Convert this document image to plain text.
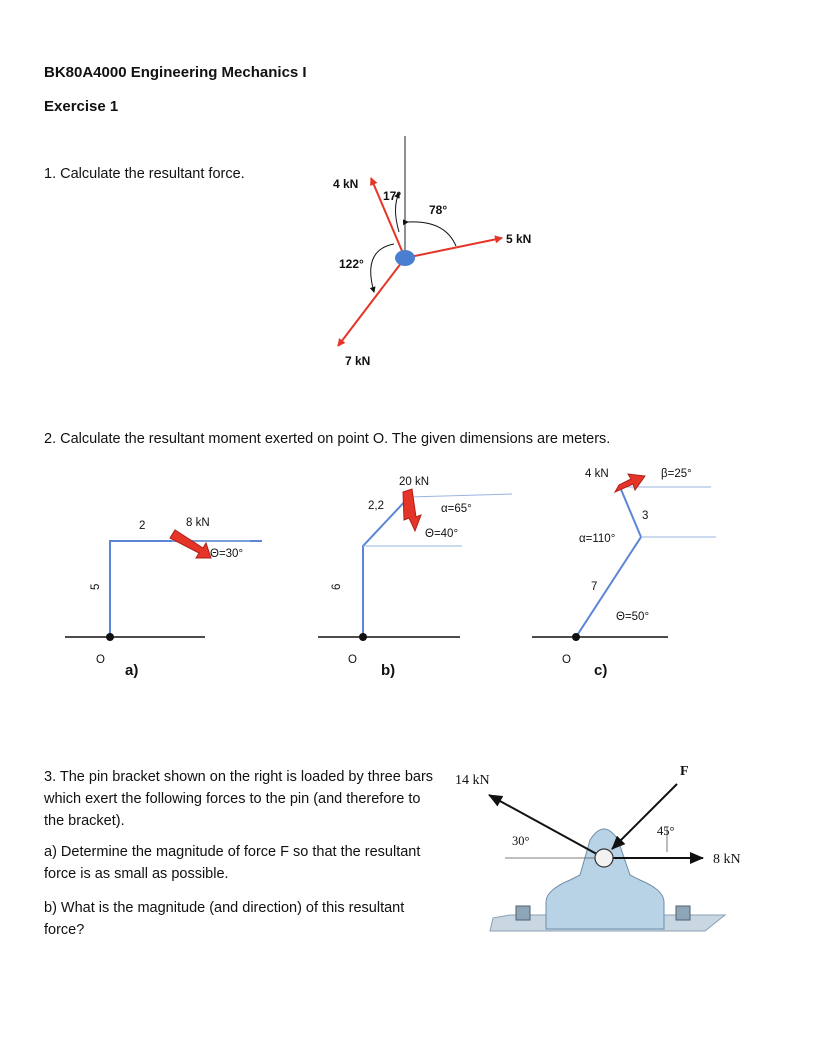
BK80A4000 Engineering Mechanics I
Exercise 1
1. Calculate the resultant force.
2. Calculate the resultant moment exerted on point O. The given dimensions are meters.
3. The pin bracket shown on the right is loaded by three bars which exert the following forces to the pin (and therefore to the bracket).
a) Determine the magnitude of force F so that the resultant force is as small as possible.
b) What is the magnitude (and direction) of this resultant force?
4 kN
17°
78°
5 kN
122°
7 kN
2
5
8 kN
Θ=30°
O
a)
2,2
6
20 kN
α=65°
Θ=40°
O
b)
4 kN	β=25°
3
α=110°
7
Θ=50°
O
c)
14 kN
30°
F
45°
8 kN
